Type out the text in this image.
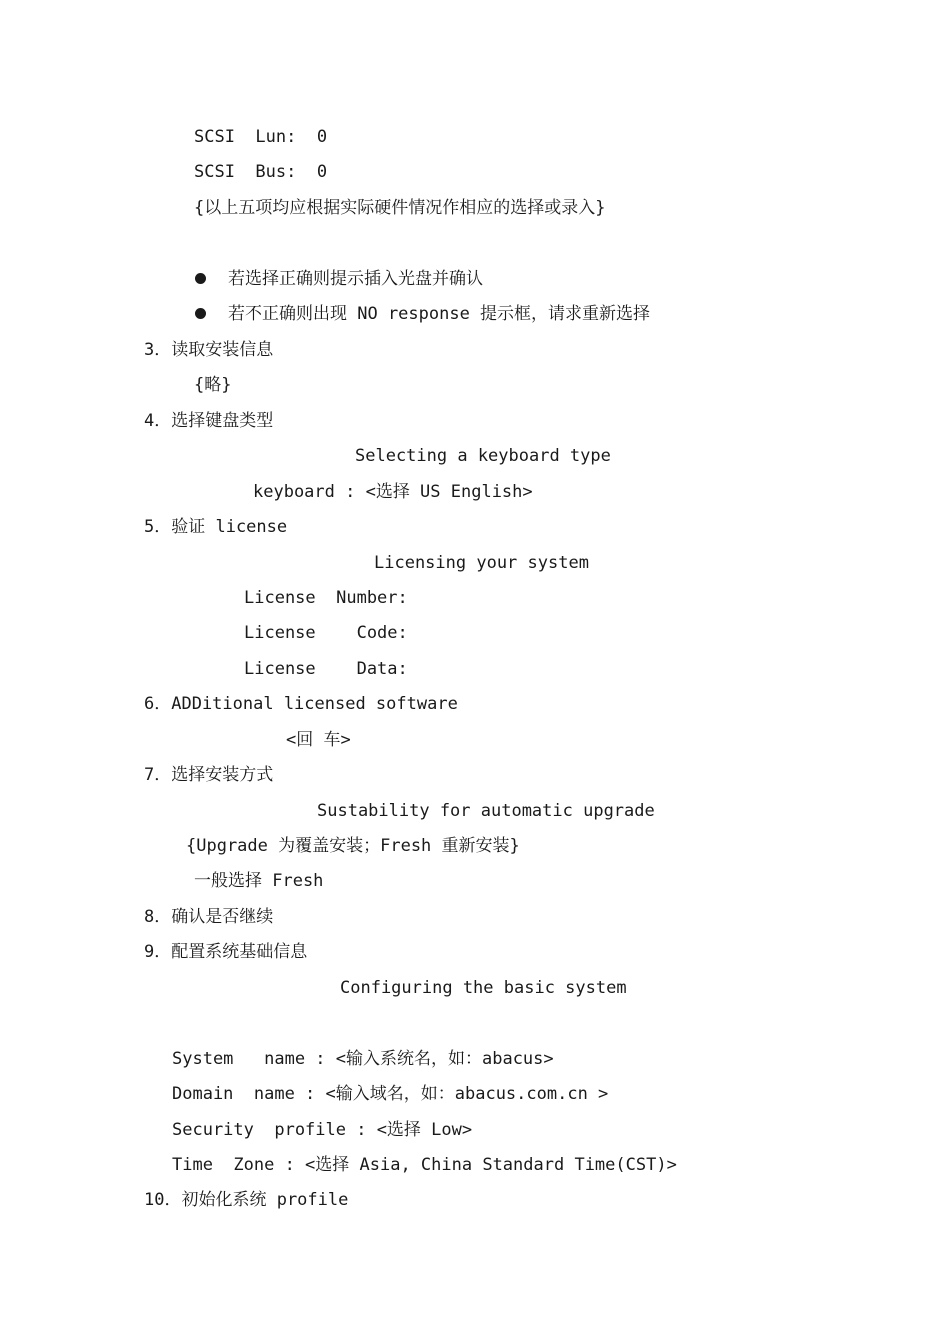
SCSI  Lun:  0
SCSI  Bus:  0
{以上五项均应根据实际硬件情况作相应的选择或录入}
若选择正确则提示插入光盘并确认
若不正确则出现 NO response 提示框，请求重新选择
3．读取安装信息
{略}
4．选择键盘类型
Selecting a keyboard type
keyboard : <选择 US English>
5．验证 license
Licensing your system
License  Number:
License    Code:
License    Data:
6．ADDitional licensed software
<回 车>
7．选择安装方式
Sustability for automatic upgrade
{Upgrade 为覆盖安装；Fresh 重新安装}
一般选择 Fresh
8．确认是否继续
9．配置系统基础信息
Configuring the basic system
System   name : <输入系统名，如：abacus>
Domain  name : <输入域名，如：abacus.com.cn >
Security  profile : <选择 Low>
Time  Zone : <选择 Asia, China Standard Time(CST)>
10．初始化系统 profile
